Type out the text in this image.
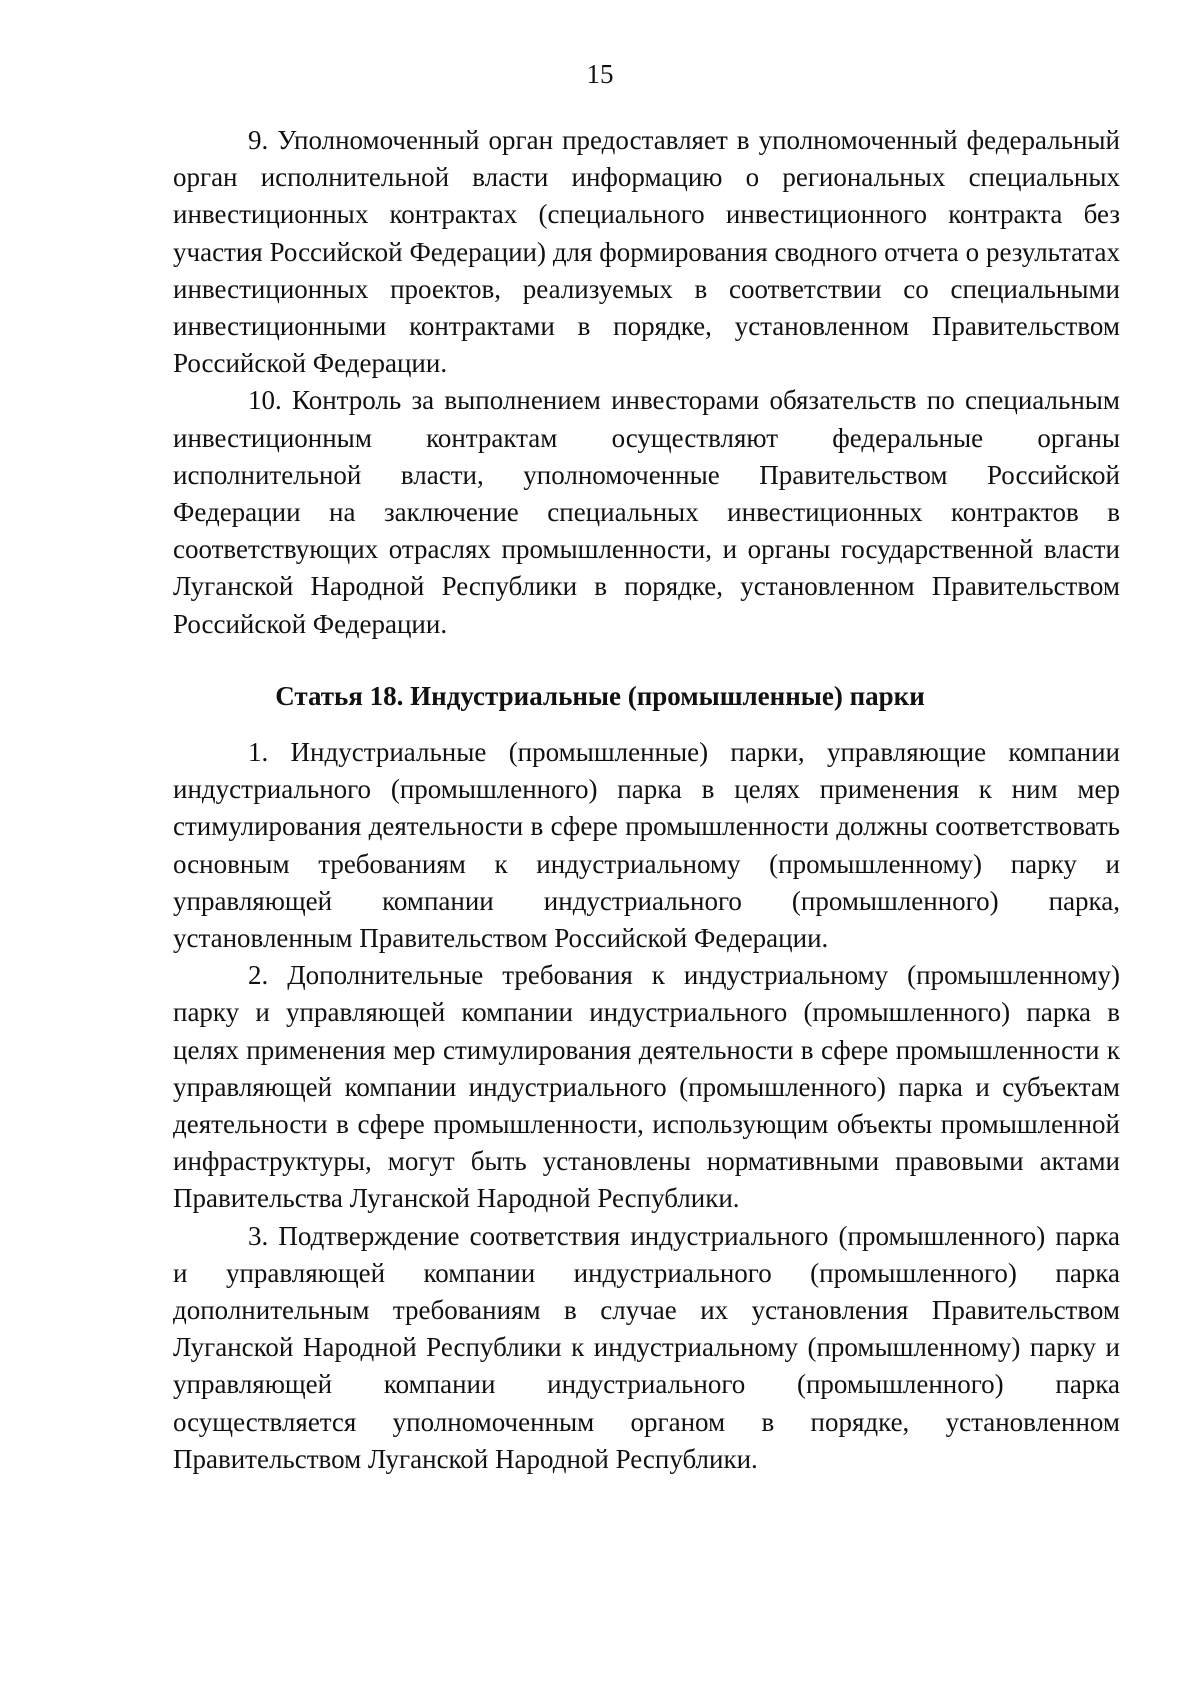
15

9. Уполномоченный орган предоставляет в уполномоченный федеральный орган исполнительной власти информацию о региональных специальных инвестиционных контрактах (специального инвестиционного контракта без участия Российской Федерации) для формирования сводного отчета о результатах инвестиционных проектов, реализуемых в соответствии со специальными инвестиционными контрактами в порядке, установленном Правительством Российской Федерации.

10. Контроль за выполнением инвесторами обязательств по специальным инвестиционным контрактам осуществляют федеральные органы исполнительной власти, уполномоченные Правительством Российской Федерации на заключение специальных инвестиционных контрактов в соответствующих отраслях промышленности, и органы государственной власти Луганской Народной Республики в порядке, установленном Правительством Российской Федерации.

Статья 18. Индустриальные (промышленные) парки

1. Индустриальные (промышленные) парки, управляющие компании индустриального (промышленного) парка в целях применения к ним мер стимулирования деятельности в сфере промышленности должны соответствовать основным требованиям к индустриальному (промышленному) парку и управляющей компании индустриального (промышленного) парка, установленным Правительством Российской Федерации.

2. Дополнительные требования к индустриальному (промышленному) парку и управляющей компании индустриального (промышленного) парка в целях применения мер стимулирования деятельности в сфере промышленности к управляющей компании индустриального (промышленного) парка и субъектам деятельности в сфере промышленности, использующим объекты промышленной инфраструктуры, могут быть установлены нормативными правовыми актами Правительства Луганской Народной Республики.

3. Подтверждение соответствия индустриального (промышленного) парка и управляющей компании индустриального (промышленного) парка дополнительным требованиям в случае их установления Правительством Луганской Народной Республики к индустриальному (промышленному) парку и управляющей компании индустриального (промышленного) парка осуществляется уполномоченным органом в порядке, установленном Правительством Луганской Народной Республики.
